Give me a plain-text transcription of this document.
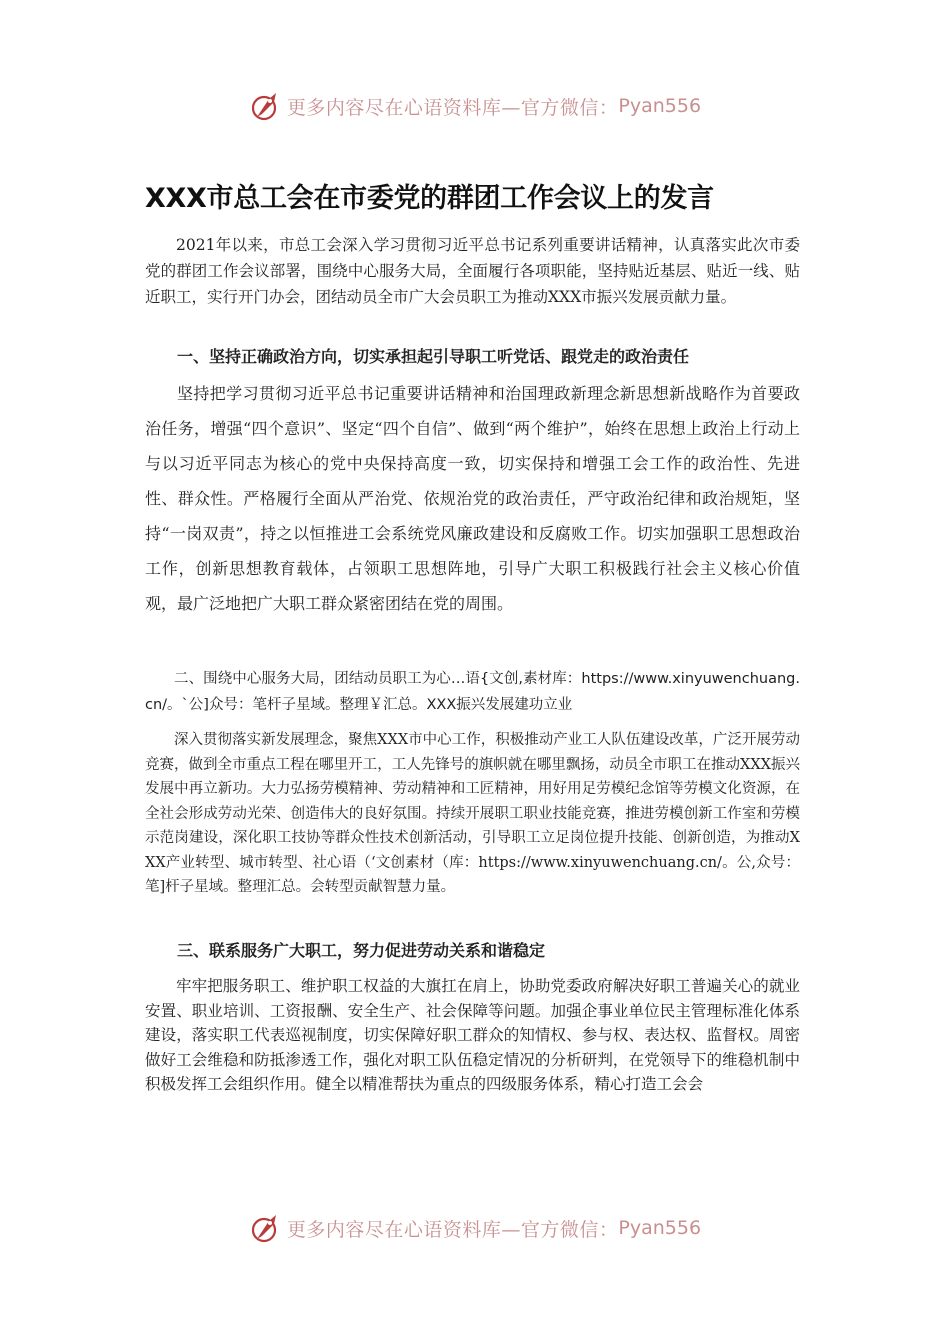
更多内容尽在心语资料库—官方微信： Pyan556
XXX市总工会在市委党的群团工作会议上的发言

2021年以来，市总工会深入学习贯彻习近平总书记系列重要讲话精神，认真落实此次市委党的群团工作会议部署，围绕中心服务大局，全面履行各项职能，坚持贴近基层、贴近一线、贴近职工，实行开门办会，团结动员全市广大会员职工为推动XXX市振兴发展贡献力量。

一、坚持正确政治方向，切实承担起引导职工听党话、跟党走的政治责任

坚持把学习贯彻习近平总书记重要讲话精神和治国理政新理念新思想新战略作为首要政治任务，增强“四个意识”、坚定“四个自信”、做到“两个维护”，始终在思想上政治上行动上与以习近平同志为核心的党中央保持高度一致，切实保持和增强工会工作的政治性、先进性、群众性。严格履行全面从严治党、依规治党的政治责任，严守政治纪律和政治规矩，坚持“一岗双责”，持之以恒推进工会系统党风廉政建设和反腐败工作。切实加强职工思想政治工作，创新思想教育载体，占领职工思想阵地，引导广大职工积极践行社会主义核心价值观，最广泛地把广大职工群众紧密团结在党的周围。

二、围绕中心服务大局，团结动员职工为心…语{文创,素材库：https://www.xinyuwenchuang.cn/。`公]众号：笔杆子星域。整理￥汇总。XXX振兴发展建功立业

深入贯彻落实新发展理念，聚焦XXX市中心工作，积极推动产业工人队伍建设改革，广泛开展劳动竞赛，做到全市重点工程在哪里开工，工人先锋号的旗帜就在哪里飘扬，动员全市职工在推动XXX振兴发展中再立新功。大力弘扬劳模精神、劳动精神和工匠精神，用好用足劳模纪念馆等劳模文化资源，在全社会形成劳动光荣、创造伟大的良好氛围。持续开展职工职业技能竞赛，推进劳模创新工作室和劳模示范岗建设，深化职工技协等群众性技术创新活动，引导职工立足岗位提升技能、创新创造，为推动XXX产业转型、城市转型、社心语（‘文创素材（库：https://www.xinyuwenchuang.cn/。公,众号：笔]杆子星域。整理汇总。会转型贡献智慧力量。

三、联系服务广大职工，努力促进劳动关系和谐稳定

牢牢把服务职工、维护职工权益的大旗扛在肩上，协助党委政府解决好职工普遍关心的就业安置、职业培训、工资报酬、安全生产、社会保障等问题。加强企事业单位民主管理标准化体系建设，落实职工代表巡视制度，切实保障好职工群众的知情权、参与权、表达权、监督权。周密做好工会维稳和防抵渗透工作，强化对职工队伍稳定情况的分析研判，在党领导下的维稳机制中积极发挥工会组织作用。健全以精准帮扶为重点的四级服务体系，精心打造工会会

更多内容尽在心语资料库—官方微信： Pyan556
